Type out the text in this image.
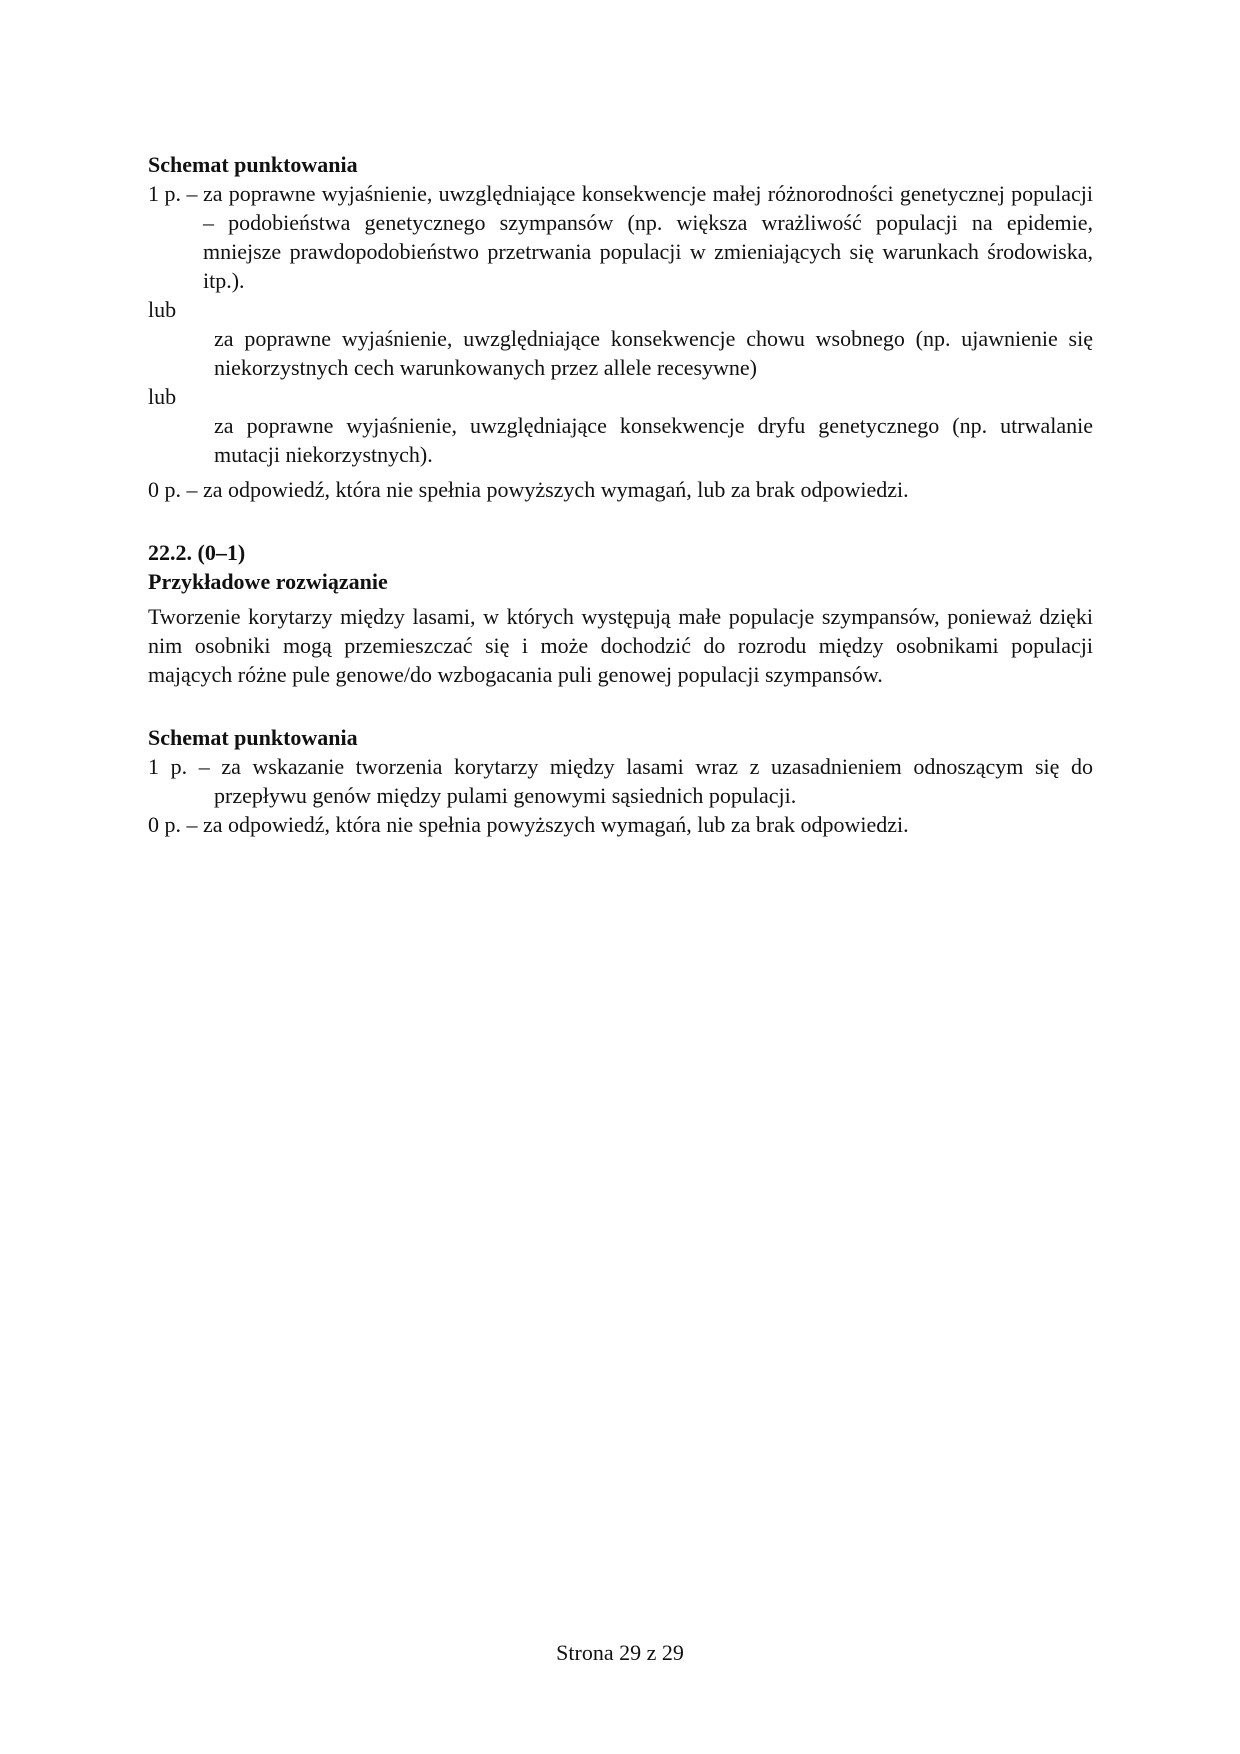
Schemat punktowania

1 p. – za poprawne wyjaśnienie, uwzględniające konsekwencje małej różnorodności genetycznej populacji – podobieństwa genetycznego szympansów (np. większa wrażliwość populacji na epidemie, mniejsze prawdopodobieństwo przetrwania populacji w zmieniających się warunkach środowiska, itp.).

lub

za poprawne wyjaśnienie, uwzględniające konsekwencje chowu wsobnego (np. ujawnienie się niekorzystnych cech warunkowanych przez allele recesywne)

lub

za poprawne wyjaśnienie, uwzględniające konsekwencje dryfu genetycznego (np. utrwalanie mutacji niekorzystnych).

0 p. – za odpowiedź, która nie spełnia powyższych wymagań, lub za brak odpowiedzi.

22.2. (0–1)

Przykładowe rozwiązanie

Tworzenie korytarzy między lasami, w których występują małe populacje szympansów, ponieważ dzięki nim osobniki mogą przemieszczać się i może dochodzić do rozrodu między osobnikami populacji mających różne pule genowe/do wzbogacania puli genowej populacji szympansów.

Schemat punktowania

1 p. – za wskazanie tworzenia korytarzy między lasami wraz z uzasadnieniem odnoszącym się do przepływu genów między pulami genowymi sąsiednich populacji.

0 p. – za odpowiedź, która nie spełnia powyższych wymagań, lub za brak odpowiedzi.

Strona 29 z 29
